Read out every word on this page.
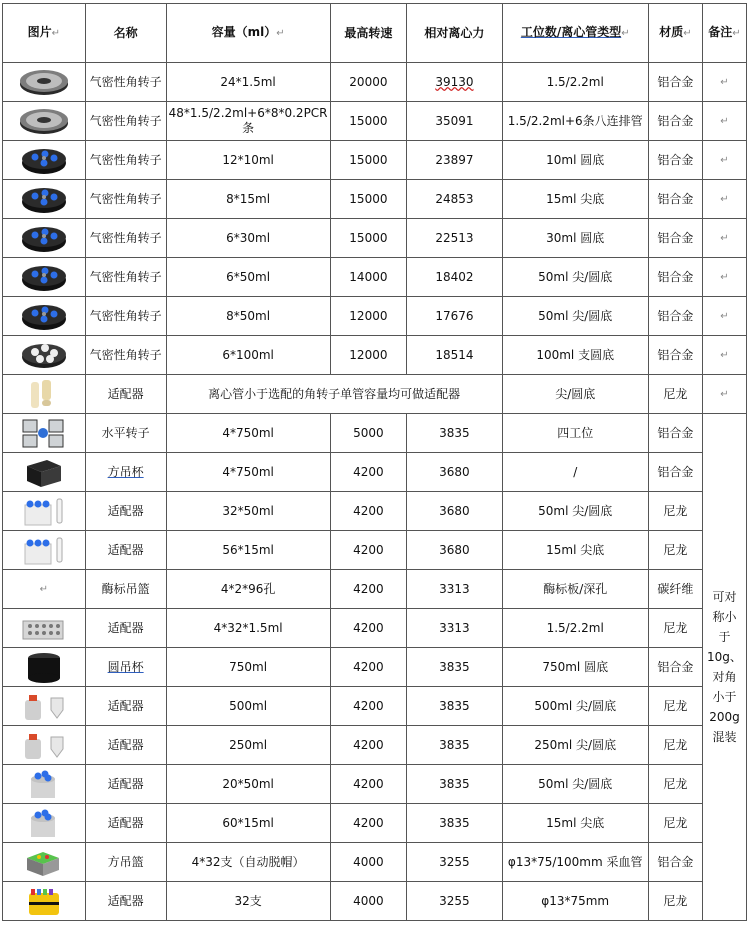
图片↵	名称	容量（ml）↵	最高转速	相对离心力	工位数/离心管类型↵	材质↵	备注↵
	气密性角转子	24*1.5ml	20000	39130	1.5/2.2ml	铝合金	↵
	气密性角转子	48*1.5/2.2ml+6*8*0.2PCR条	15000	35091	1.5/2.2ml+6条八连排管	铝合金	↵
	气密性角转子	12*10ml	15000	23897	10ml 圆底	铝合金	↵
	气密性角转子	8*15ml	15000	24853	15ml 尖底	铝合金	↵
	气密性角转子	6*30ml	15000	22513	30ml 圆底	铝合金	↵
	气密性角转子	6*50ml	14000	18402	50ml 尖/圆底	铝合金	↵
	气密性角转子	8*50ml	12000	17676	50ml 尖/圆底	铝合金	↵
	气密性角转子	6*100ml	12000	18514	100ml 支圆底	铝合金	↵
	适配器	离心管小于选配的角转子单管容量均可做适配器			尖/圆底	尼龙	↵
	水平转子	4*750ml	5000	3835	四工位	铝合金	可对称小于10g、对角小于200g混装
	方吊杯	4*750ml	4200	3680	/	铝合金	
	适配器	32*50ml	4200	3680	50ml 尖/圆底	尼龙	
	适配器	56*15ml	4200	3680	15ml 尖底	尼龙	
↵	酶标吊篮	4*2*96孔	4200	3313	酶标板/深孔	碳纤维	
	适配器	4*32*1.5ml	4200	3313	1.5/2.2ml	尼龙	
	圆吊杯	750ml	4200	3835	750ml 圆底	铝合金	
	适配器	500ml	4200	3835	500ml 尖/圆底	尼龙	
	适配器	250ml	4200	3835	250ml 尖/圆底	尼龙	
	适配器	20*50ml	4200	3835	50ml 尖/圆底	尼龙	
	适配器	60*15ml	4200	3835	15ml 尖底	尼龙	
	方吊篮	4*32支（自动脱帽）	4000	3255	φ13*75/100mm 采血管	铝合金	
	适配器	32支	4000	3255	φ13*75mm	尼龙	
